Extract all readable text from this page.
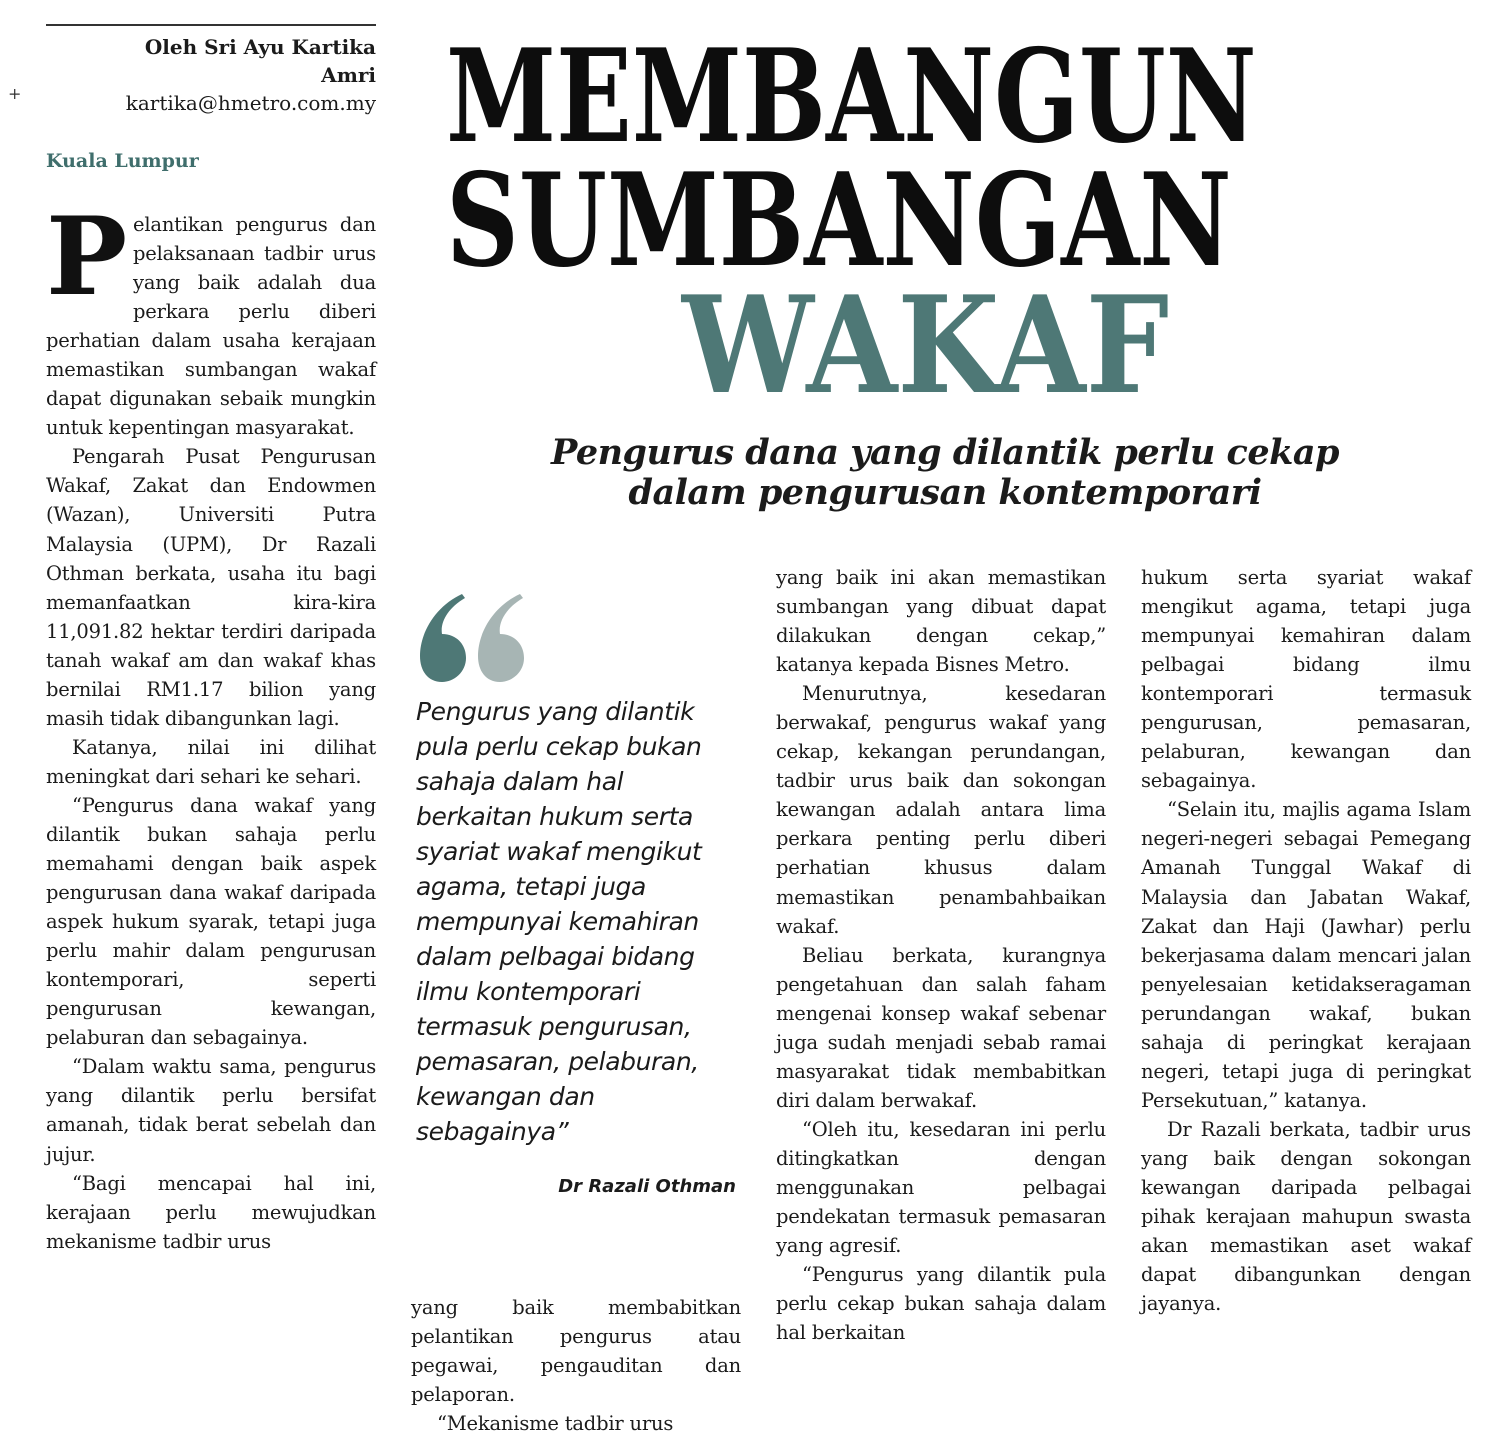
Oleh Sri Ayu Kartika
Amri
kartika@hmetro.com.my
+
Kuala Lumpur MEMBANGUN
SUMBANGAN
WAKAF
Pengurus dana yang dilantik perlu cekap
dalam pengurusan kontemporari

Pelantikan pengurus dan pelaksanaan tadbir urus yang baik adalah dua perkara perlu diberi perhatian dalam usaha kerajaan memastikan sumbangan wakaf dapat digunakan sebaik mungkin untuk kepentingan masyarakat.

Pengarah Pusat Pengurusan Wakaf, Zakat dan Endowmen (Wazan), Universiti Putra Malaysia (UPM), Dr Razali Othman berkata, usaha itu bagi memanfaatkan kira-kira 11,091.82 hektar terdiri daripada tanah wakaf am dan wakaf khas bernilai RM1.17 bilion yang masih tidak dibangunkan lagi.

Katanya, nilai ini dilihat meningkat dari sehari ke sehari.

“Pengurus dana wakaf yang dilantik bukan sahaja perlu memahami dengan baik aspek pengurusan dana wakaf daripada aspek hukum syarak, tetapi juga perlu mahir dalam pengurusan kontemporari, seperti pengurusan kewangan, pelaburan dan sebagainya.

“Dalam waktu sama, pengurus yang dilantik perlu bersifat amanah, tidak berat sebelah dan jujur.

“Bagi mencapai hal ini, kerajaan perlu mewujudkan mekanisme tadbir urus

Pengurus yang dilantik pula perlu cekap bukan sahaja dalam hal berkaitan hukum serta syariat wakaf mengikut agama, tetapi juga mempunyai kemahiran dalam pelbagai bidang ilmu kontemporari termasuk pengurusan, pemasaran, pelaburan, kewangan dan sebagainya”
Dr Razali Othman

yang baik membabitkan pelantikan pengurus atau pegawai, pengauditan dan pelaporan.

“Mekanisme tadbir urus

yang baik ini akan memastikan sumbangan yang dibuat dapat dilakukan dengan cekap,” katanya kepada Bisnes Metro.

Menurutnya, kesedaran berwakaf, pengurus wakaf yang cekap, kekangan perundangan, tadbir urus baik dan sokongan kewangan adalah antara lima perkara penting perlu diberi perhatian khusus dalam memastikan penambahbaikan wakaf.

Beliau berkata, kurangnya pengetahuan dan salah faham mengenai konsep wakaf sebenar juga sudah menjadi sebab ramai masyarakat tidak membabitkan diri dalam berwakaf.

“Oleh itu, kesedaran ini perlu ditingkatkan dengan menggunakan pelbagai pendekatan termasuk pemasaran yang agresif.

“Pengurus yang dilantik pula perlu cekap bukan sahaja dalam hal berkaitan

hukum serta syariat wakaf mengikut agama, tetapi juga mempunyai kemahiran dalam pelbagai bidang ilmu kontemporari termasuk pengurusan, pemasaran, pelaburan, kewangan dan sebagainya.

“Selain itu, majlis agama Islam negeri-negeri sebagai Pemegang Amanah Tunggal Wakaf di Malaysia dan Jabatan Wakaf, Zakat dan Haji (Jawhar) perlu bekerjasama dalam mencari jalan penyelesaian ketidakseragaman perundangan wakaf, bukan sahaja di peringkat kerajaan negeri, tetapi juga di peringkat Persekutuan,” katanya.

Dr Razali berkata, tadbir urus yang baik dengan sokongan kewangan daripada pelbagai pihak kerajaan mahupun swasta akan memastikan aset wakaf dapat dibangunkan dengan jayanya.
